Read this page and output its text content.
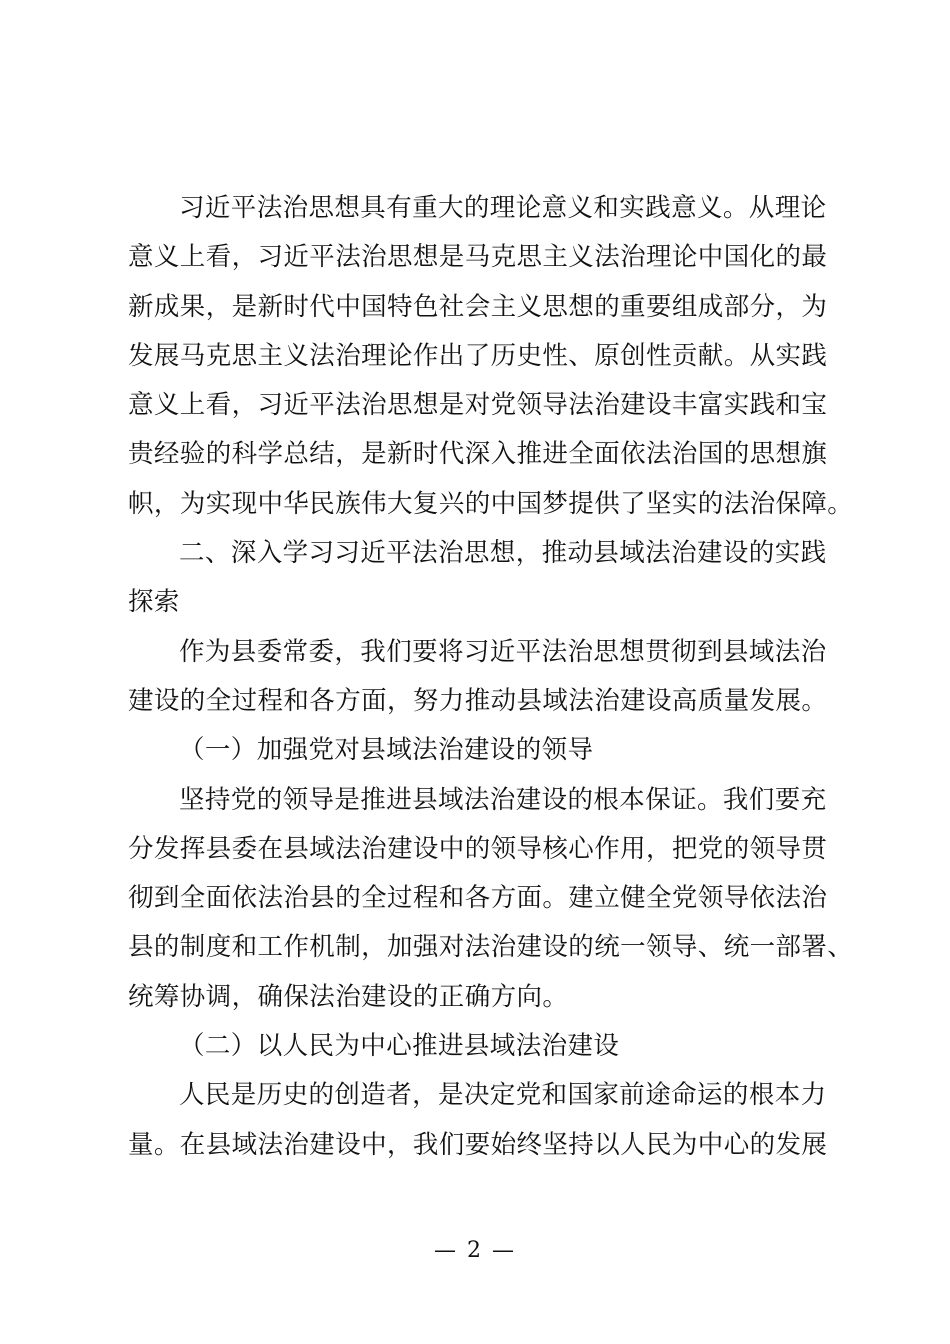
习近平法治思想具有重大的理论意义和实践意义。从理论
意义上看，习近平法治思想是马克思主义法治理论中国化的最
新成果，是新时代中国特色社会主义思想的重要组成部分，为
发展马克思主义法治理论作出了历史性、原创性贡献。从实践
意义上看，习近平法治思想是对党领导法治建设丰富实践和宝
贵经验的科学总结，是新时代深入推进全面依法治国的思想旗
帜，为实现中华民族伟大复兴的中国梦提供了坚实的法治保障。
二、深入学习习近平法治思想，推动县域法治建设的实践
探索
作为县委常委，我们要将习近平法治思想贯彻到县域法治
建设的全过程和各方面，努力推动县域法治建设高质量发展。
（一）加强党对县域法治建设的领导
坚持党的领导是推进县域法治建设的根本保证。我们要充
分发挥县委在县域法治建设中的领导核心作用，把党的领导贯
彻到全面依法治县的全过程和各方面。建立健全党领导依法治
县的制度和工作机制，加强对法治建设的统一领导、统一部署、
统筹协调，确保法治建设的正确方向。
（二）以人民为中心推进县域法治建设
人民是历史的创造者，是决定党和国家前途命运的根本力
量。在县域法治建设中，我们要始终坚持以人民为中心的发展
— 2 —
